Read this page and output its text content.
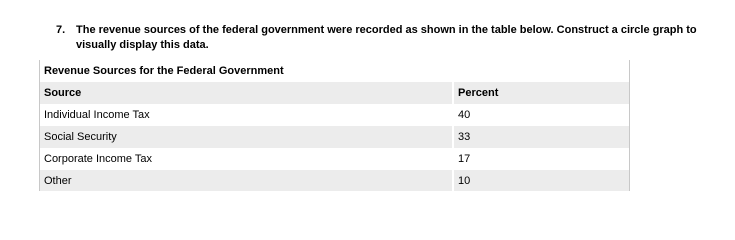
7. The revenue sources of the federal government were recorded as shown in the table below. Construct a circle graph to visually display this data.
Revenue Sources for the Federal Government
Source	Percent
Individual Income Tax	40
Social Security	33
Corporate Income Tax	17
Other	10
